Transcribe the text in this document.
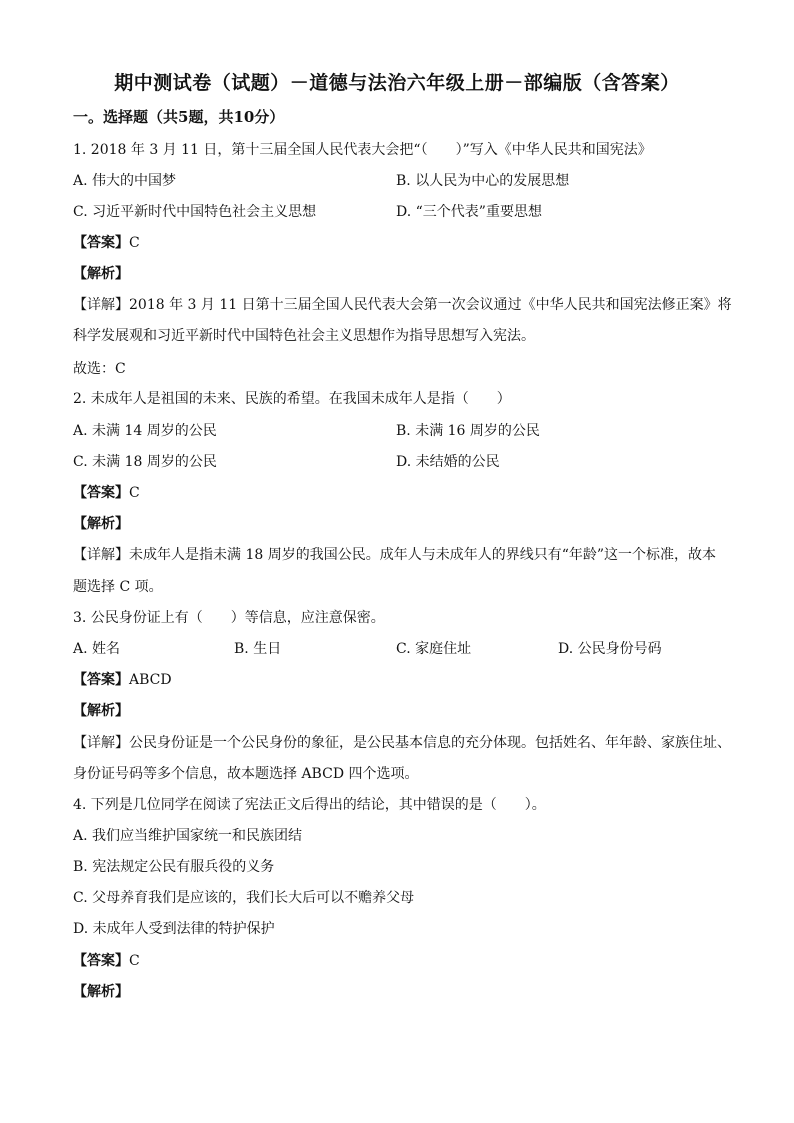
期中测试卷（试题）－道德与法治六年级上册－部编版（含答案）
一。选择题（共5题，共10分）
1. 2018 年 3 月 11 日，第十三届全国人民代表大会把“（　　）”写入《中华人民共和国宪法》
A. 伟大的中国梦	B. 以人民为中心的发展思想
C. 习近平新时代中国特色社会主义思想	D. “三个代表”重要思想
【答案】C
【解析】
【详解】2018 年 3 月 11 日第十三届全国人民代表大会第一次会议通过《中华人民共和国宪法修正案》将
科学发展观和习近平新时代中国特色社会主义思想作为指导思想写入宪法。
故选：C
2. 未成年人是祖国的未来、民族的希望。在我国未成年人是指（　　）
A. 未满 14 周岁的公民	B. 未满 16 周岁的公民
C. 未满 18 周岁的公民	D. 未结婚的公民
【答案】C
【解析】
【详解】未成年人是指未满 18 周岁的我国公民。成年人与未成年人的界线只有“年龄”这一个标准，故本
题选择 C 项。
3. 公民身份证上有（　　）等信息，应注意保密。
A. 姓名	B. 生日	C. 家庭住址	D. 公民身份号码
【答案】ABCD
【解析】
【详解】公民身份证是一个公民身份的象征，是公民基本信息的充分体现。包括姓名、年年龄、家族住址、
身份证号码等多个信息，故本题选择 ABCD 四个选项。
4. 下列是几位同学在阅读了宪法正文后得出的结论，其中错误的是（　　）。
A. 我们应当维护国家统一和民族团结
B. 宪法规定公民有服兵役的义务
C. 父母养育我们是应该的，我们长大后可以不赡养父母
D. 未成年人受到法律的特护保护
【答案】C
【解析】
